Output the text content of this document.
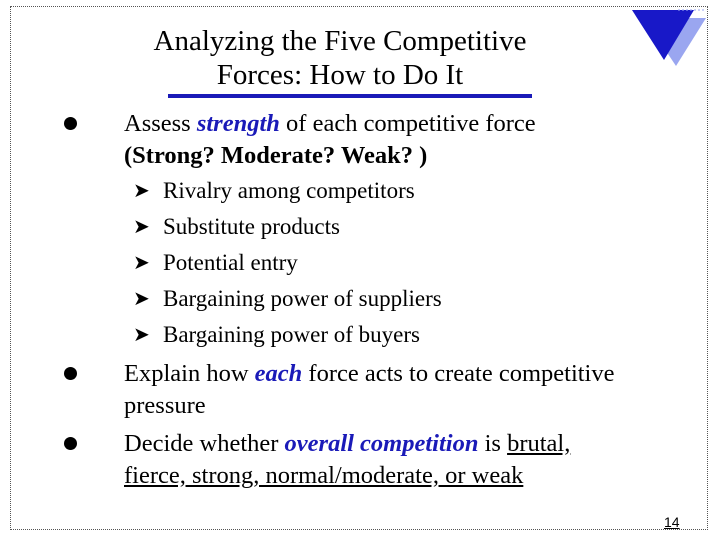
Analyzing the Five Competitive
Forces: How to Do It
Assess strength of each competitive force
(Strong? Moderate? Weak? )
➤ Rivalry among competitors
➤ Substitute products
➤ Potential entry
➤ Bargaining power of suppliers
➤ Bargaining power of buyers
Explain how each force acts to create competitive
pressure
Decide whether overall competition is brutal,
fierce, strong, normal/moderate, or weak
14
